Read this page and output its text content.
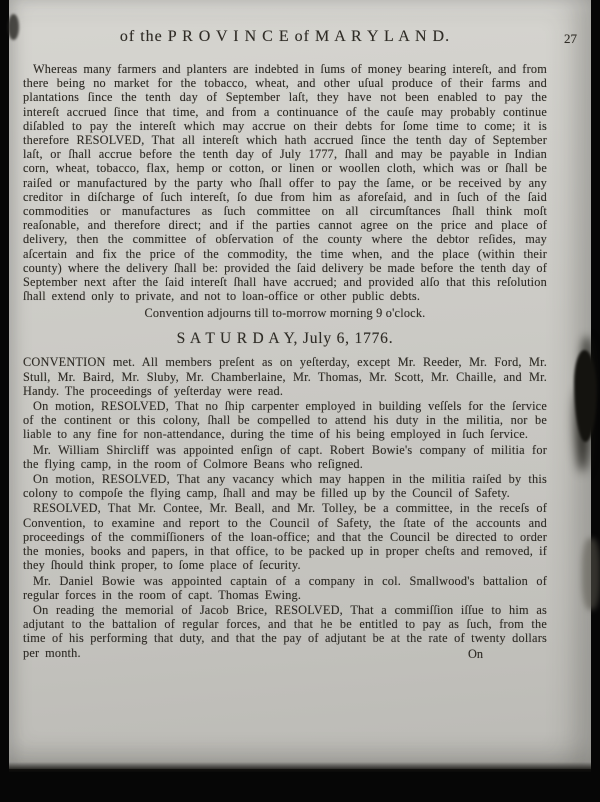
of the P R O V I N C E of M A R Y L A N D.	27

Whereas many farmers and planters are indebted in ſums of money bearing intereſt, and from there being no market for the tobacco, wheat, and other uſual produce of their farms and plantations ſince the tenth day of September laſt, they have not been enabled to pay the intereſt accrued ſince that time, and from a continuance of the cauſe may probably continue diſabled to pay the intereſt which may accrue on their debts for ſome time to come; it is therefore RESOLVED, That all intereſt which hath accrued ſince the tenth day of September laſt, or ſhall accrue before the tenth day of July 1777, ſhall and may be payable in Indian corn, wheat, tobacco, flax, hemp or cotton, or linen or woollen cloth, which was or ſhall be raiſed or manufactured by the party who ſhall offer to pay the ſame, or be received by any creditor in diſcharge of ſuch intereſt, ſo due from him as aforeſaid, and in ſuch of the ſaid commodities or manufactures as ſuch committee on all circumſtances ſhall think moſt reaſonable, and therefore direct; and if the parties cannot agree on the price and place of delivery, then the committee of obſervation of the county where the debtor reſides, may aſcertain and fix the price of the commodity, the time when, and the place (within their county) where the delivery ſhall be: provided the ſaid delivery be made before the tenth day of September next after the ſaid intereſt ſhall have accrued; and provided alſo that this reſolution ſhall extend only to private, and not to loan-office or other public debts.

Convention adjourns till to-morrow morning 9 o'clock.
S A T U R D A Y, July 6, 1776.

CONVENTION met. All members preſent as on yeſterday, except Mr. Reeder, Mr. Ford, Mr. Stull, Mr. Baird, Mr. Sluby, Mr. Chamberlaine, Mr. Thomas, Mr. Scott, Mr. Chaille, and Mr. Handy. The proceedings of yeſterday were read.

On motion, RESOLVED, That no ſhip carpenter employed in building veſſels for the ſervice of the continent or this colony, ſhall be compelled to attend his duty in the militia, nor be liable to any fine for non-attendance, during the time of his being employed in ſuch ſervice.

Mr. William Shircliff was appointed enſign of capt. Robert Bowie's company of militia for the flying camp, in the room of Colmore Beans who reſigned.

On motion, RESOLVED, That any vacancy which may happen in the militia raiſed by this colony to compoſe the flying camp, ſhall and may be filled up by the Council of Safety.

RESOLVED, That Mr. Contee, Mr. Beall, and Mr. Tolley, be a committee, in the receſs of Convention, to examine and report to the Council of Safety, the ſtate of the accounts and proceedings of the commiſſioners of the loan-office; and that the Council be directed to order the monies, books and papers, in that office, to be packed up in proper cheſts and removed, if they ſhould think proper, to ſome place of ſecurity.

Mr. Daniel Bowie was appointed captain of a company in col. Smallwood's battalion of regular forces in the room of capt. Thomas Ewing.

On reading the memorial of Jacob Brice, RESOLVED, That a commiſſion iſſue to him as adjutant to the battalion of regular forces, and that he be entitled to pay as ſuch, from the time of his performing that duty, and that the pay of adjutant be at the rate of twenty dollars per month.	On
